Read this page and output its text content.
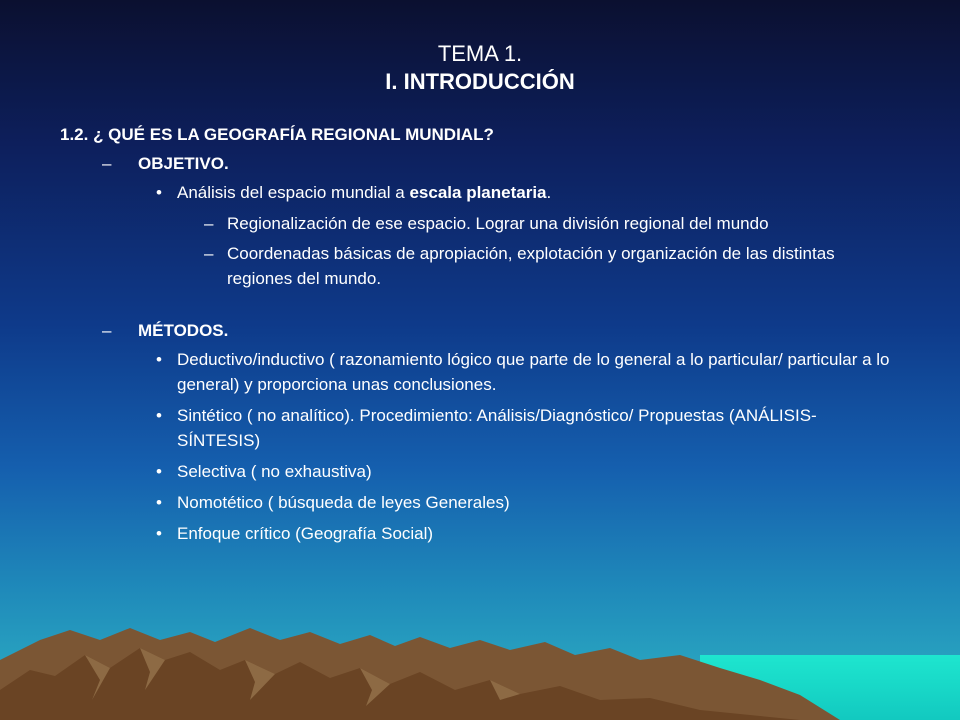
TEMA 1.
I. INTRODUCCIÓN
1.2. ¿ QUÉ ES LA GEOGRAFÍA REGIONAL MUNDIAL?
– OBJETIVO.
• Análisis del espacio mundial a escala planetaria.
– Regionalización de ese espacio. Lograr una división regional del mundo
– Coordenadas básicas de apropiación, explotación y organización de las distintas regiones del mundo.
– MÉTODOS.
• Deductivo/inductivo ( razonamiento lógico que parte de lo general a lo particular/ particular a lo general) y proporciona unas conclusiones.
• Sintético ( no analítico). Procedimiento: Análisis/Diagnóstico/ Propuestas (ANÁLISIS-SÍNTESIS)
• Selectiva ( no exhaustiva)
• Nomotético ( búsqueda de leyes Generales)
• Enfoque crítico (Geografía Social)
